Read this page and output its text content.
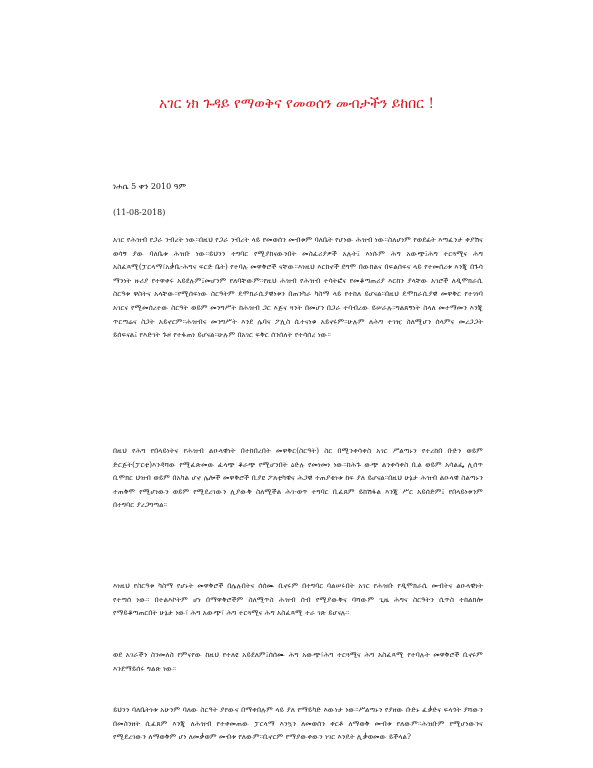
አገር ነክ ጉዳይ የማወቅና የመወሰን መብታችን ይከበር !
ነሐሴ 5 ቀን 2010 ዓም
(11-08-2018)

አገር የሕዝብ የጋራ ንብረት ነው።በዚህ የጋራ ንብረት ላይ የመወሰን መብቱም ባለቤት የሆነው ሕዝብ ነው።ስለሆነም የወደፊት እጣፈንታ ቀያሽና ወሳኝ ያው ባለቤቱ ሕዝቡ ነው።ይህንን ተግባር የሚያከናውንበት መስፈሪያዎች አሉት፤ እነሱም ሕግ አውጭ፤ሕግ ተርጓሚና ሕግ አስፈጻሚ(ፓርላማ፣አቃቤ-ሕግና ፍርድ ቤት) የተባሉ መዋቅሮች ናቸው።እነዚህ እርከኖች ደግሞ በውክልና በፍልሰፍና ላይ የተመሰረቱ እንጂ በጉሳ ማንነት ዙሪያ የተዋቀሩ አይደሉም፤መሆንም የለባቸውም።የዚህ ሕዝብ የሕዝብ ተሳትፎና የመቆጣጠሪያ እርከን ያላቸው አገሮች ለዲሞክራሲ ስርዓቱ ዋስትና አላቸው።የሚሰፍነው ስርዓትም ዴሞክራሲያዊነቱን በጠንካራ ካስማ ላይ የተከለ ይሆናል።በዚህ ዴሞክራሲያዊ መዋቅር የተገነባ አገርና የሚመሰረተው ስርዓት ወይም መንግሥት ከሕዝብ ጋር እጅና ጓንት በመሆን በጋራ ተባብረው ይሠራሉ።ግልጸኝነት ስላለ መተማመን እንጂ ጥርጣሬና ስጋት አይኖርም።ሕዝብና መንግሥት እንደ ሌባና ፖሊስ ሲተናነቁ አይኖሩም።ሁሉም ለሕግ ተገዢ ስለሚሆን ሰላምና መረጋጋት ይሰፍናል፤ የእድገት ጉዞ የተፋጠነ ይሆናል።ሁሉም በአገር ፍቅር ሰንሰለት የተሳሰረ ነው።

በዚህ የሕግ የበላይነትና የሕዝብ ልዑላዊነት በተከበረበት መዋቅር(ስርዓት) ስር በሚንቀሳቀስ አገር ሥልጣኑን የተረከበ ቡድን ወይም ድርጅት(ፓርቲ)እንዳሻው የሚፈጽመው ፈላጭ ቆራጭ የሚሆንበት ዕድሉ የመነመነ ነው።ከሕጉ ውጭ ልንቀሳቀስ ቢል ወይም አሳልፌ ሊሰጥ ቢሞክር ህዝብ ወይም በአካል ሆኖ ሌሎች መዋቅሮች ቢያዩ ፖለቲካዊና ሕጋዊ ተጠያቂነቱ ከፍ ያለ ይሆናል።በዚህ ሁኔታ ሕዝብ ልዑላዊ ስልጣኑን ተጠቅሞ የሚሆነውን ወይም የሚደረገውን ሊያውቅ ስለሚችል ሕገ-ወጥ ተግባር ቢፈጸም ይከሽፋል እንጂ ሥር አይሰድም፤ የበላይነቱንም በተግባር ያረጋግጣል።

እነዚህ የስርዓቱ ካስማ የሆኑት መዋቅሮች በሌሉበትና ሰሰሙ ቢኖሩም በተግባር ባልሠሩበት አገር የሕዝቡ የዲሞክራሲ መብትና ልዑላዊነት የተጣሰ ነው። በተልእኮትም ሆነ በማዋቅሮችም ስለሚጥስ ሕዝብ ሰብ የሚያውቅና ባሻውም ጊዜ ሕግና ስርዓትን ሲጥስ ተከልክሎ የማይቆጣጠርበት ሁኔታ ነው፣ ሕግ አውጭ፣ ሕግ ተርጓሚና ሕግ አስፈጻሚ ተራ ገጽ ይሆናሉ።

ወደ አገራችን ስንመለስ የምናየው ከዚህ የተለዩ አይደለም፤ሰሰሙ ሕግ አውጭ፣ሕግ ተርጓሚና ሕግ አስፈጻሚ የተባሉት መዋቅሮች ቢኖሩም እንደማይሰሩ ግልጽ ነው።

ይህንን ባለቤትነቱ አሁንም ባለው ስርዓት ያየውና በማቀበሉም ላይ ያለ የማይካድ እውነታ ነው።ሥልጣኑን የያዘው ቡድኑ ፈቃድና ፍላጎት ያሻውን በመስንዘት ሲፈጸም እንጂ ለሕዝብ የተቀመጠው ፓርላማ እንኳን ለመወሰን ቀርቶ ለማወቅ መብቱ የለውም።ሕዝቡም የሚሆነውንና የሚደረገውን ለማወቅም ሆነ ለመቃወም መብቱ የለውም።ቢኖርም የማያውቀውን ነገር እንዴት ሊቃወመው ይችላል?
